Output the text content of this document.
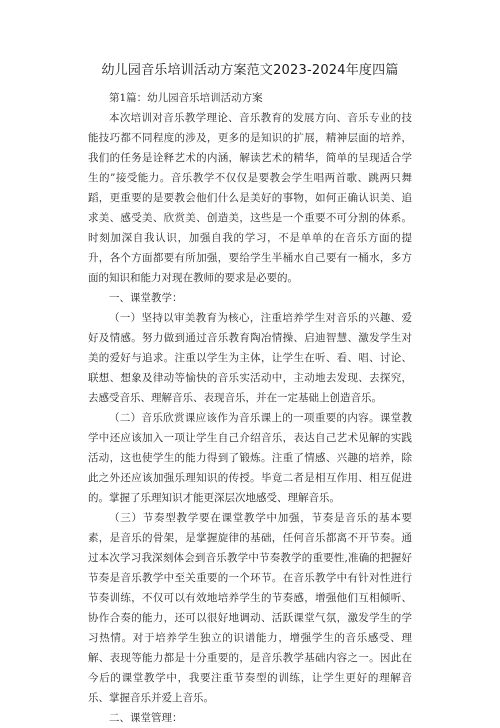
幼儿园音乐培训活动方案范文2023-2024年度四篇

第1篇：幼儿园音乐培训活动方案

本次培训对音乐教学理论、音乐教育的发展方向、音乐专业的技能技巧都不同程度的涉及，更多的是知识的扩展，精神层面的培养，我们的任务是诠释艺术的内涵，解读艺术的精华，简单的呈现适合学生的”接受能力。音乐教学不仅仅是要教会学生唱两首歌、跳两只舞蹈，更重要的是要教会他们什么是美好的事物，如何正确认识美、追求美、感受美、欣赏美、创造美，这些是一个重要不可分割的体系。时刻加深自我认识，加强自我的学习，不是单单的在音乐方面的提升，各个方面都要有所加强，要给学生半桶水自己要有一桶水，多方面的知识和能力对现在教师的要求是必要的。

一、课堂教学：

（一）坚持以审美教育为核心，注重培养学生对音乐的兴趣、爱好及情感。努力做到通过音乐教育陶冶情操、启迪智慧、激发学生对美的爱好与追求。注重以学生为主体，让学生在听、看、唱、讨论、联想、想象及律动等愉快的音乐实活动中，主动地去发现、去探究，去感受音乐、理解音乐、表现音乐，并在一定基础上创造音乐。

（二）音乐欣赏课应该作为音乐课上的一项重要的内容。课堂教学中还应该加入一项让学生自己介绍音乐，表达自己艺术见解的实践活动，这也使学生的能力得到了锻炼。注重了情感、兴趣的培养，除此之外还应该加强乐理知识的传授。毕竟二者是相互作用、相互促进的。掌握了乐理知识才能更深层次地感受、理解音乐。

（三）节奏型教学要在课堂教学中加强，节奏是音乐的基本要素，是音乐的骨架，是掌握旋律的基础，任何音乐都离不开节奏。通过本次学习我深刻体会到音乐教学中节奏教学的重要性,准确的把握好节奏是音乐教学中至关重要的一个环节。在音乐教学中有针对性进行节奏训练，不仅可以有效地培养学生的节奏感，增强他们互相倾听、协作合奏的能力，还可以很好地调动、活跃课堂气氛，激发学生的学习热情。对于培养学生独立的识谱能力，增强学生的音乐感受、理解、表现等能力都是十分重要的，是音乐教学基础内容之一。因此在今后的课堂教学中，我要注重节奏型的训练，让学生更好的理解音乐、掌握音乐并爱上音乐。

二、课堂管理：
